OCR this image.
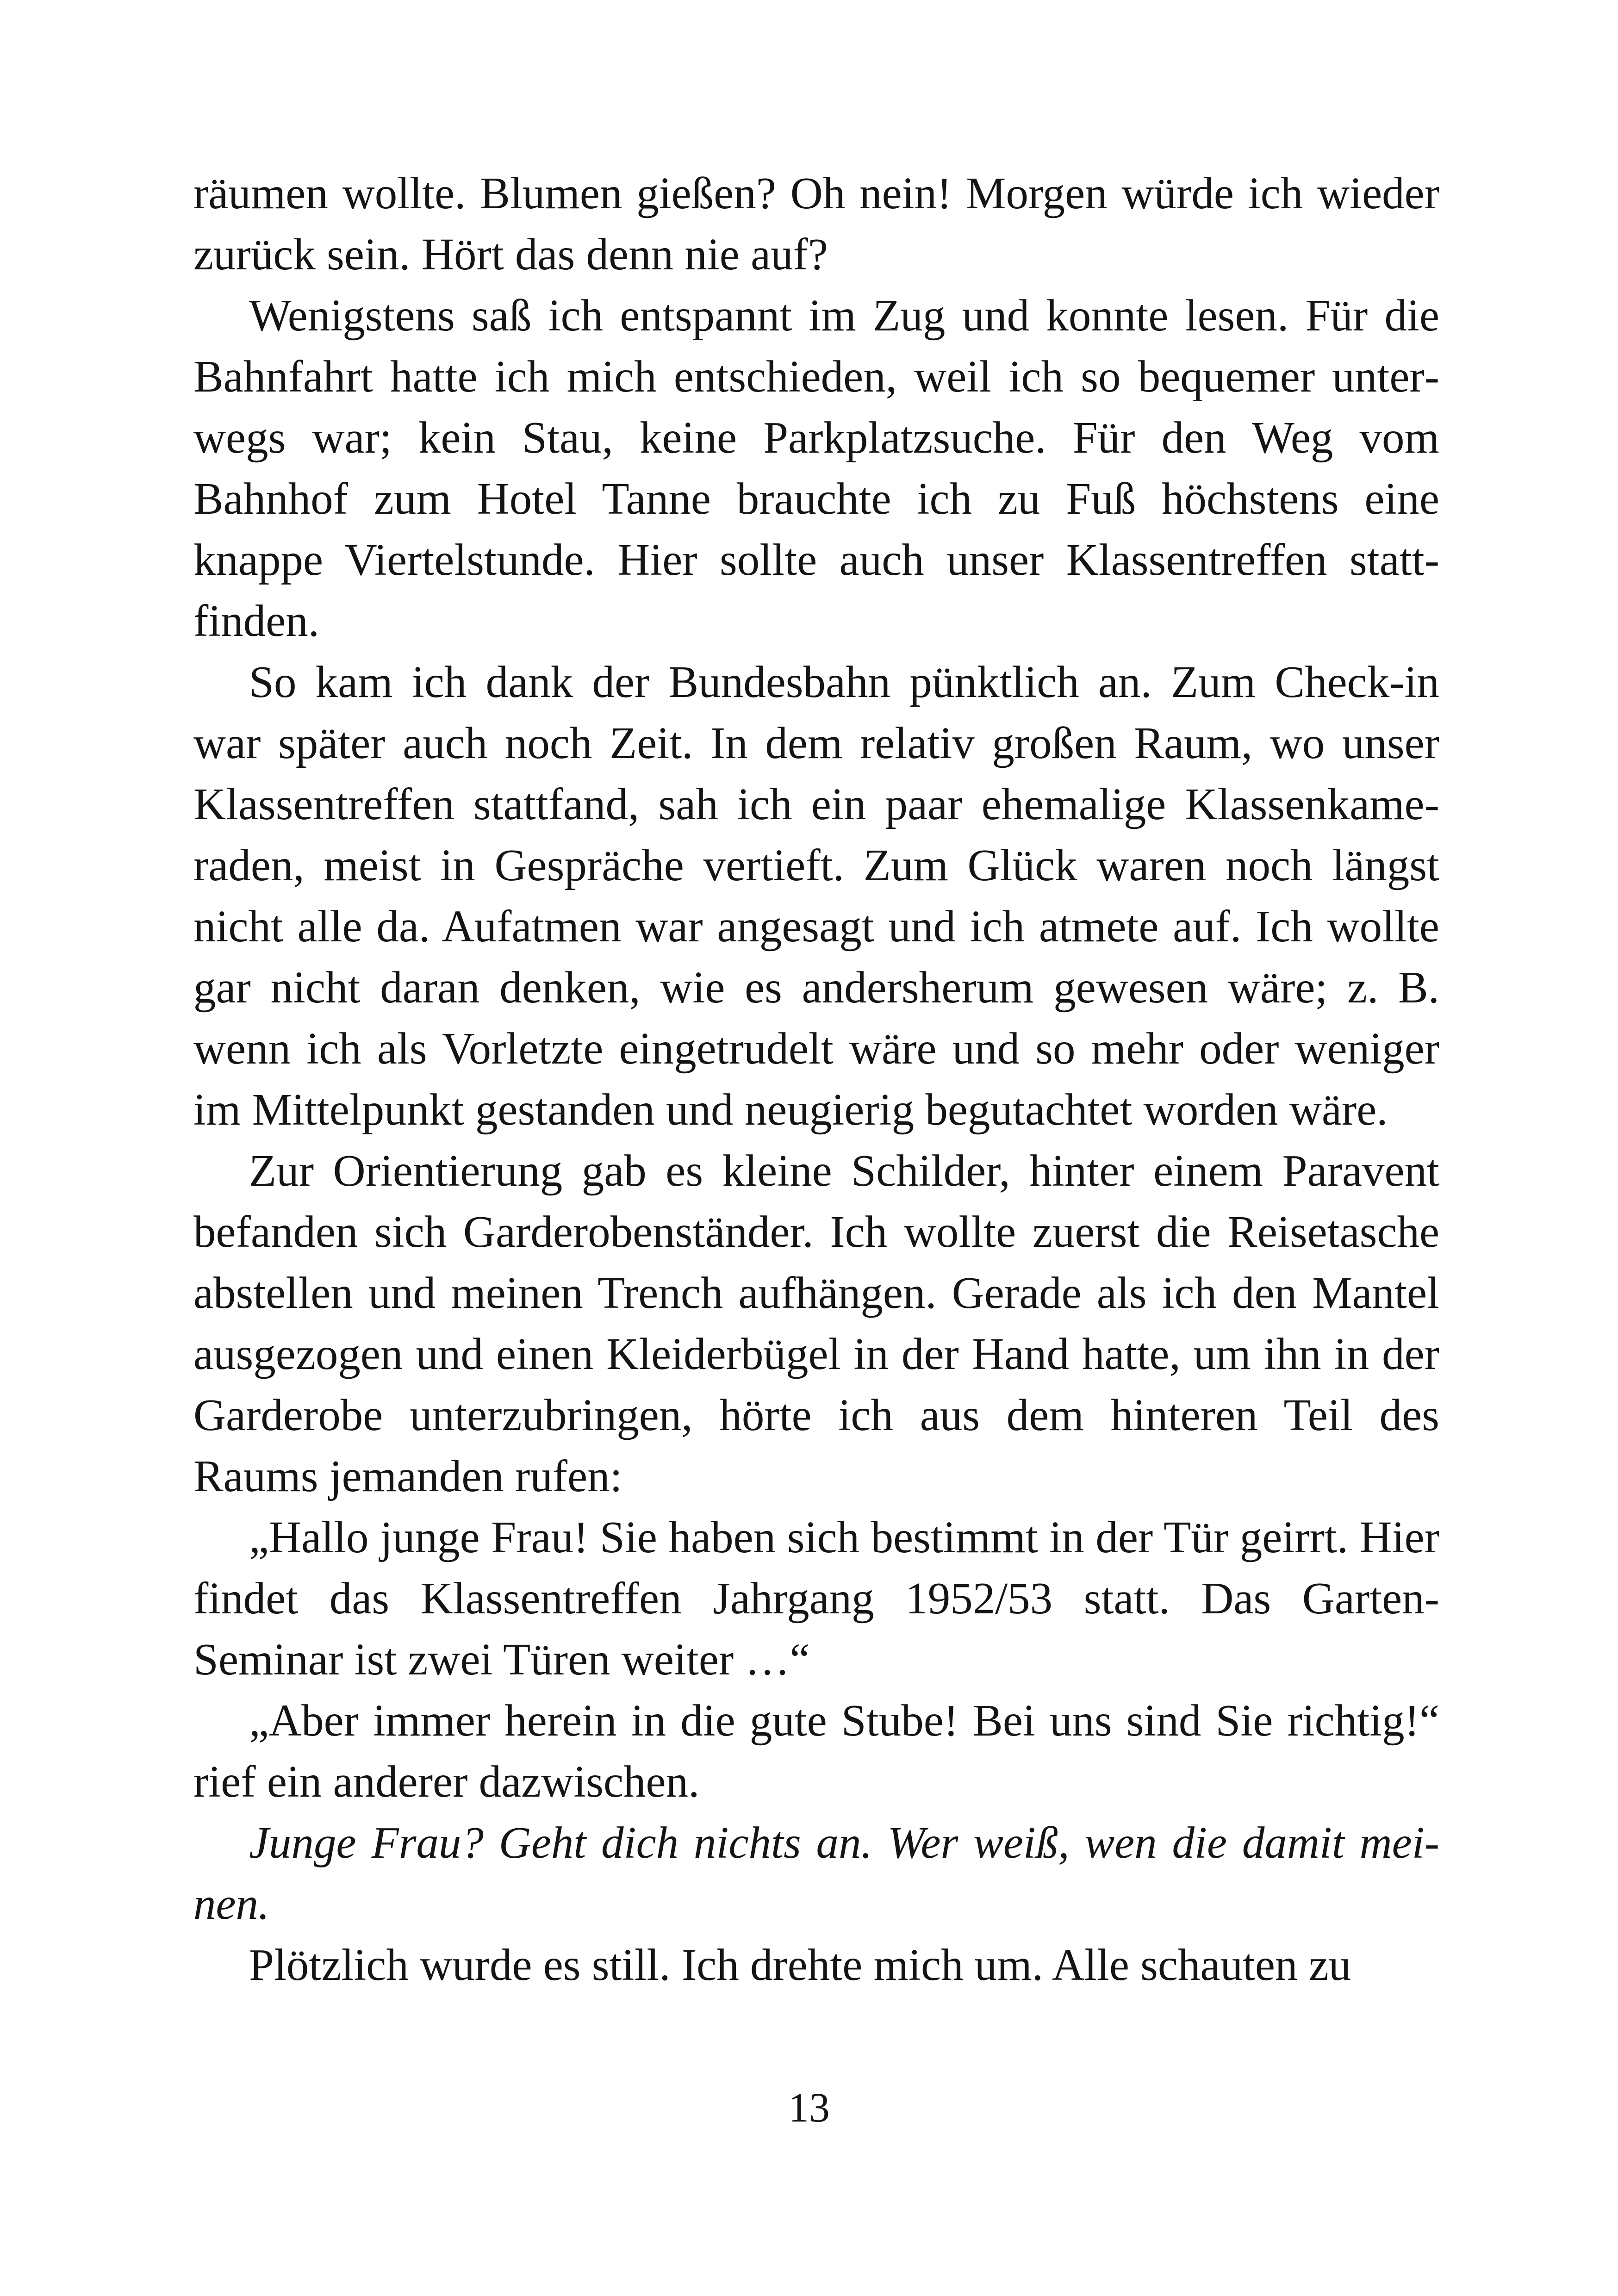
räumen wollte. Blumen gießen? Oh nein! Morgen würde ich wieder zurück sein. Hört das denn nie auf?

Wenigstens saß ich entspannt im Zug und konnte lesen. Für die Bahnfahrt hatte ich mich entschieden, weil ich so bequemer unterwegs war; kein Stau, keine Parkplatzsuche. Für den Weg vom Bahnhof zum Hotel Tanne brauchte ich zu Fuß höchstens eine knappe Viertelstunde. Hier sollte auch unser Klassentreffen stattfinden.

So kam ich dank der Bundesbahn pünktlich an. Zum Check-in war später auch noch Zeit. In dem relativ großen Raum, wo unser Klassentreffen stattfand, sah ich ein paar ehemalige Klassenkameraden, meist in Gespräche vertieft. Zum Glück waren noch längst nicht alle da. Aufatmen war angesagt und ich atmete auf. Ich wollte gar nicht daran denken, wie es andersherum gewesen wäre; z. B. wenn ich als Vorletzte eingetrudelt wäre und so mehr oder weniger im Mittelpunkt gestanden und neugierig begutachtet worden wäre.

Zur Orientierung gab es kleine Schilder, hinter einem Paravent befanden sich Garderobenständer. Ich wollte zuerst die Reisetasche abstellen und meinen Trench aufhängen. Gerade als ich den Mantel ausgezogen und einen Kleiderbügel in der Hand hatte, um ihn in der Garderobe unterzubringen, hörte ich aus dem hinteren Teil des Raums jemanden rufen:

„Hallo junge Frau! Sie haben sich bestimmt in der Tür geirrt. Hier findet das Klassentreffen Jahrgang 1952/53 statt. Das Garten-Seminar ist zwei Türen weiter …“

„Aber immer herein in die gute Stube! Bei uns sind Sie richtig!“ rief ein anderer dazwischen.

Junge Frau? Geht dich nichts an. Wer weiß, wen die damit meinen.

Plötzlich wurde es still. Ich drehte mich um. Alle schauten zu

13
